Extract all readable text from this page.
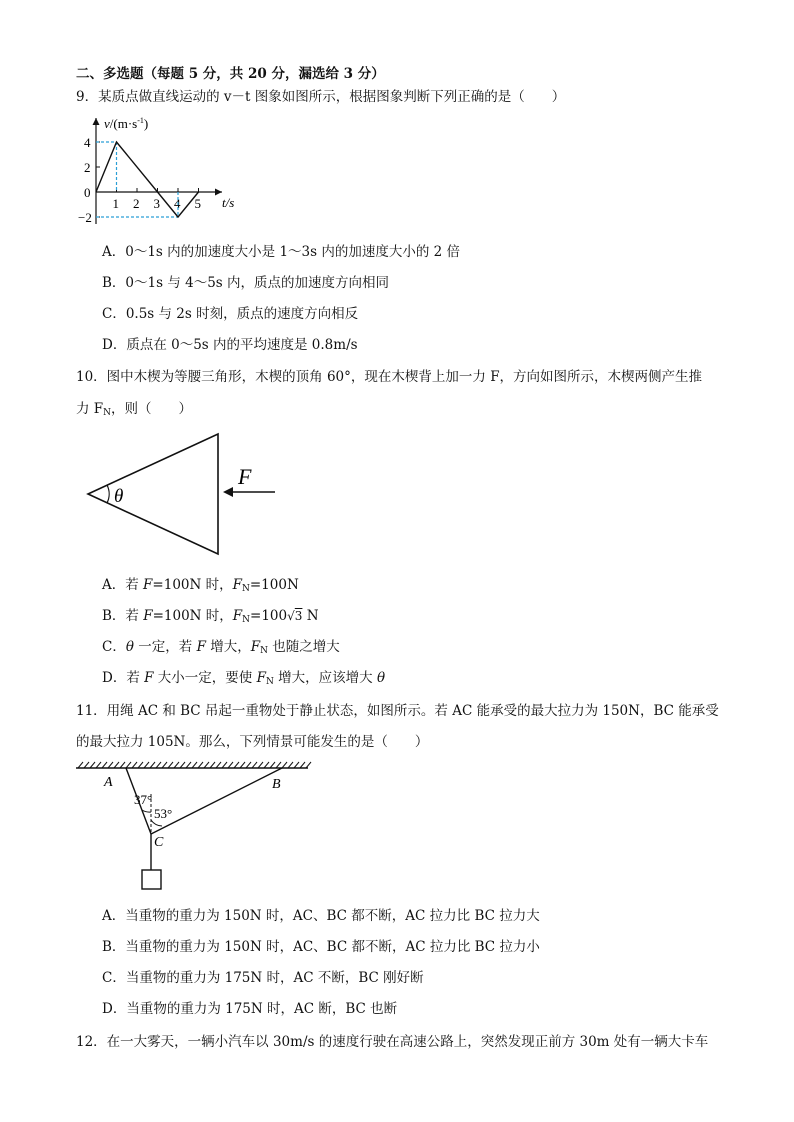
二、多选题（每题 5 分，共 20 分，漏选给 3 分）
9．某质点做直线运动的 v－t 图象如图所示，根据图象判断下列正确的是（　　）
$v/(m\cdot s^{-1})$
t/s
4
2
0
−2
1 2 3 4 5
A．0～1s 内的加速度大小是 1～3s 内的加速度大小的 2 倍
B．0～1s 与 4～5s 内，质点的加速度方向相同
C．0.5s 与 2s 时刻，质点的速度方向相反
D．质点在 0～5s 内的平均速度是 0.8m/s
10．图中木楔为等腰三角形，木楔的顶角 60°，现在木楔背上加一力 F，方向如图所示，木楔两侧产生推
力 $F_N$，则（　　）
θ
F
A．若 F=100N 时，$F_N=100N$
B．若 F=100N 时，$F_N=100√3$ N
C．θ 一定，若 F 增大，$F_N$ 也随之增大
D．若 F 大小一定，要使 $F_N$ 增大，应该增大 θ
11．用绳 AC 和 BC 吊起一重物处于静止状态，如图所示。若 AC 能承受的最大拉力为 150N，BC 能承受
的最大拉力 105N。那么，下列情景可能发生的是（　　）
A	B
C
37°
53°
A．当重物的重力为 150N 时，AC、BC 都不断，AC 拉力比 BC 拉力大
B．当重物的重力为 150N 时，AC、BC 都不断，AC 拉力比 BC 拉力小
C．当重物的重力为 175N 时，AC 不断，BC 刚好断
D．当重物的重力为 175N 时，AC 断，BC 也断
12．在一大雾天，一辆小汽车以 30m/s 的速度行驶在高速公路上，突然发现正前方 30m 处有一辆大卡车
